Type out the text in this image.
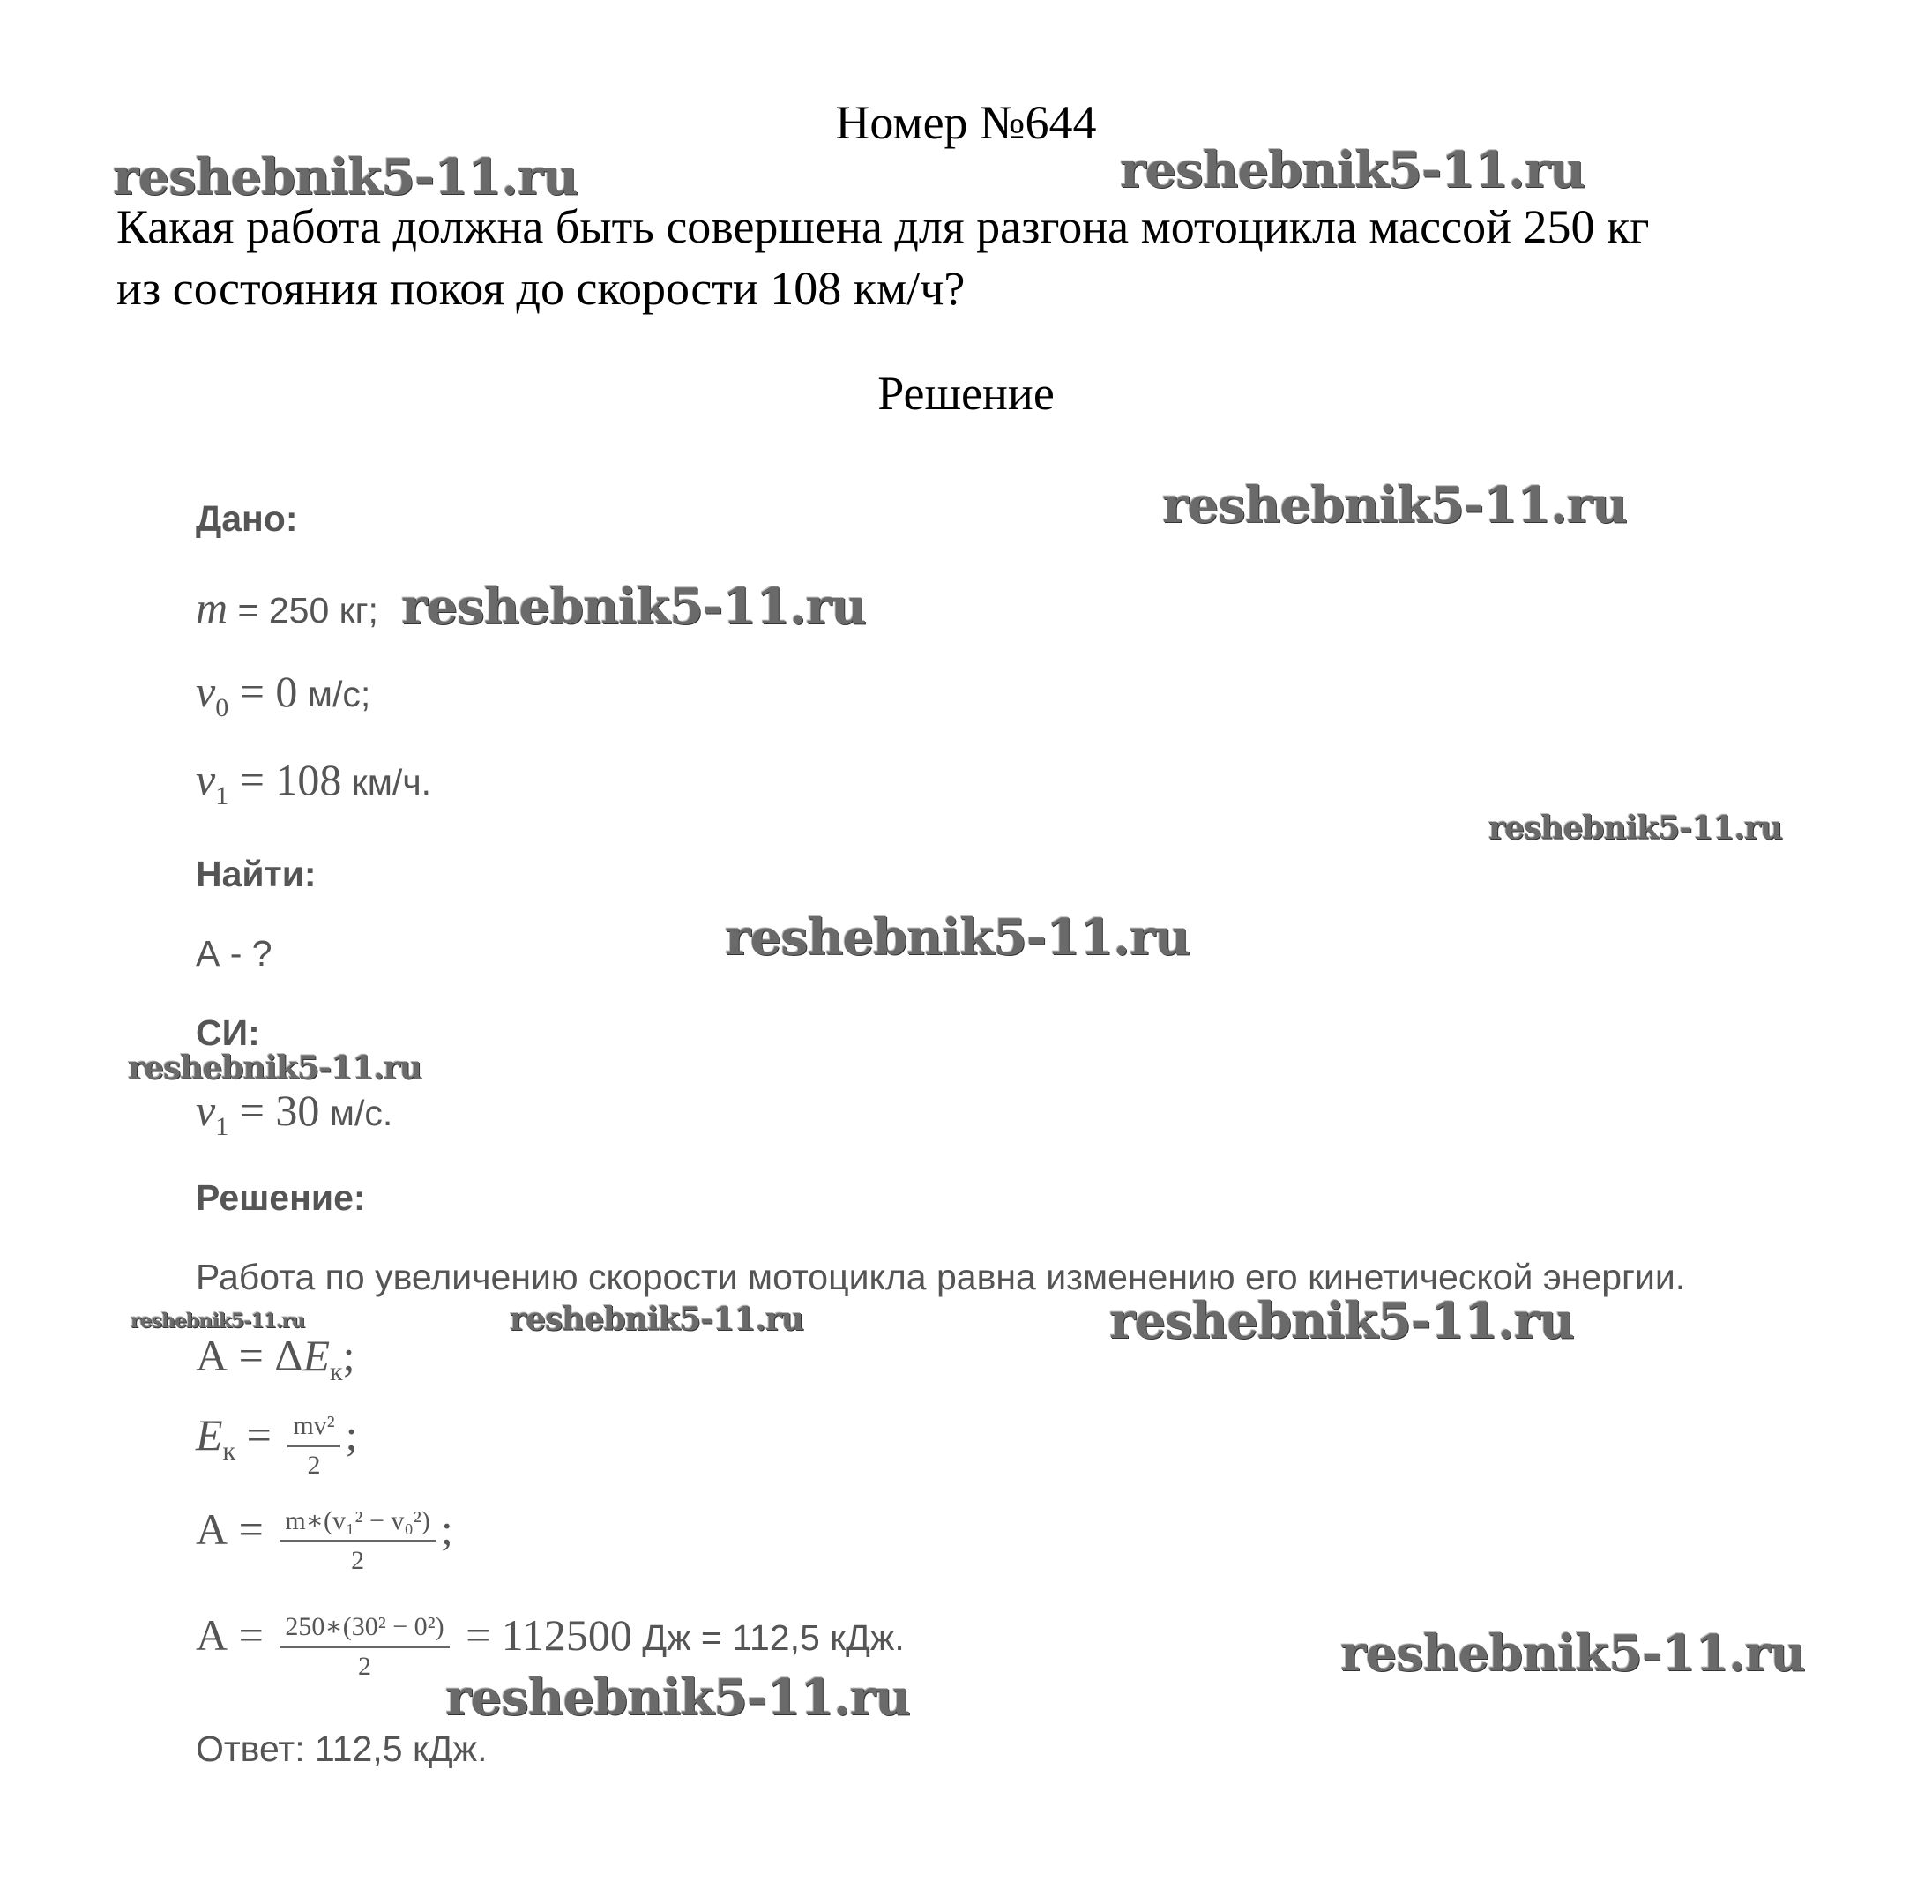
Номер №644
Какая работа должна быть совершена для разгона мотоцикла массой 250 кг
из состояния покоя до скорости 108 км/ч?
Решение
Дано:
m = 250 кг;
$v_0 = 0$ м/с;
$v_1 = 108$ км/ч.
Найти:
А - ?
СИ:
$v_1 = 30$ м/с.
Решение:
Работа по увеличению скорости мотоцикла равна изменению его кинетической энергии.
$А = \Delta E_к$;
$E_к = \frac{\text{mv²}}{2}$ ;
$А = \frac{\text{m∗(v₁² − v₀²)}}{2}$ ;
$А = \frac{\text{250∗(30² − 0²)}}{2} = 112500$ Дж = 112,5 кДж.
Ответ: 112,5 кДж.
reshebnik5-11.ru	reshebnik5-11.ru
reshebnik5-11.ru
reshebnik5-11.ru
reshebnik5-11.ru
reshebnik5-11.ru
reshebnik5-11.ru
reshebnik5-11.ru	reshebnik5-11.ru	reshebnik5-11.ru
reshebnik5-11.ru
reshebnik5-11.ru
